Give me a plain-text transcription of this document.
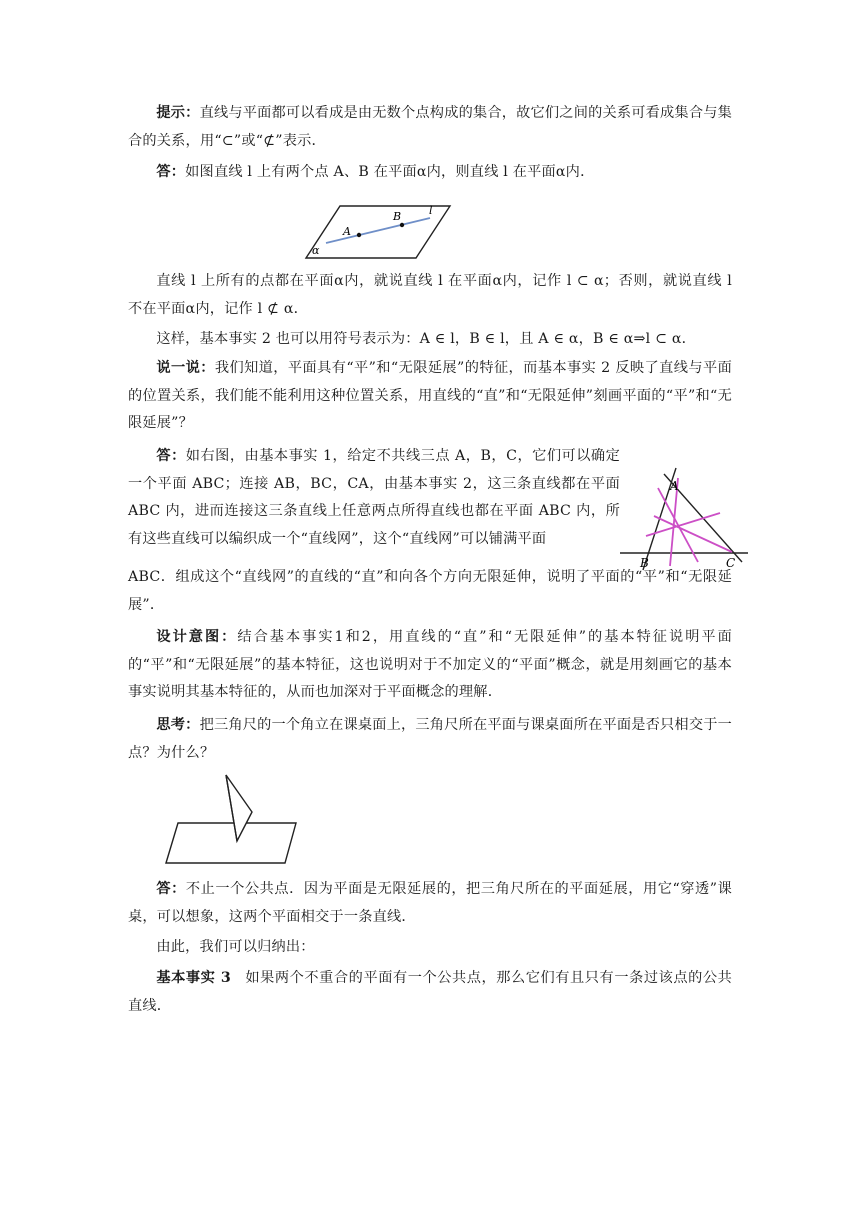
提示：直线与平面都可以看成是由无数个点构成的集合，故它们之间的关系可看成集合与集合的关系，用“⊂”或“⊄”表示．

答：如图直线 l 上有两个点 A、B 在平面α内，则直线 l 在平面α内．

A
B	l
α

直线 l 上所有的点都在平面α内，就说直线 l 在平面α内，记作 l ⊂ α；否则，就说直线 l 不在平面α内，记作 l ⊄ α．

这样，基本事实 2 也可以用符号表示为：A ∈ l，B ∈ l，且 A ∈ α，B ∈ α⇒l ⊂ α．

说一说：我们知道，平面具有“平”和“无限延展”的特征，而基本事实 2 反映了直线与平面的位置关系，我们能不能利用这种位置关系，用直线的“直”和“无限延伸”刻画平面的“平”和“无限延展”？

答：如右图，由基本事实 1，给定不共线三点 A，B，C，它们可以确定一个平面 ABC；连接 AB，BC，CA，由基本事实 2，这三条直线都在平面 ABC 内，进而连接这三条直线上任意两点所得直线也都在平面 ABC 内，所有这些直线可以编织成一个“直线网”，这个“直线网”可以铺满平面

ABC．组成这个“直线网”的直线的“直”和向各个方向无限延伸，说明了平面的“平”和“无限延展”．

A
B	C

设计意图：结合基本事实1和2，用直线的“直”和“无限延伸”的基本特征说明平面的“平”和“无限延展”的基本特征，这也说明对于不加定义的“平面”概念，就是用刻画它的基本事实说明其基本特征的，从而也加深对于平面概念的理解．

思考：把三角尺的一个角立在课桌面上，三角尺所在平面与课桌面所在平面是否只相交于一点？为什么？

答：不止一个公共点．因为平面是无限延展的，把三角尺所在的平面延展，用它“穿透”课桌，可以想象，这两个平面相交于一条直线．

由此，我们可以归纳出：

基本事实 3 如果两个不重合的平面有一个公共点，那么它们有且只有一条过该点的公共直线．
